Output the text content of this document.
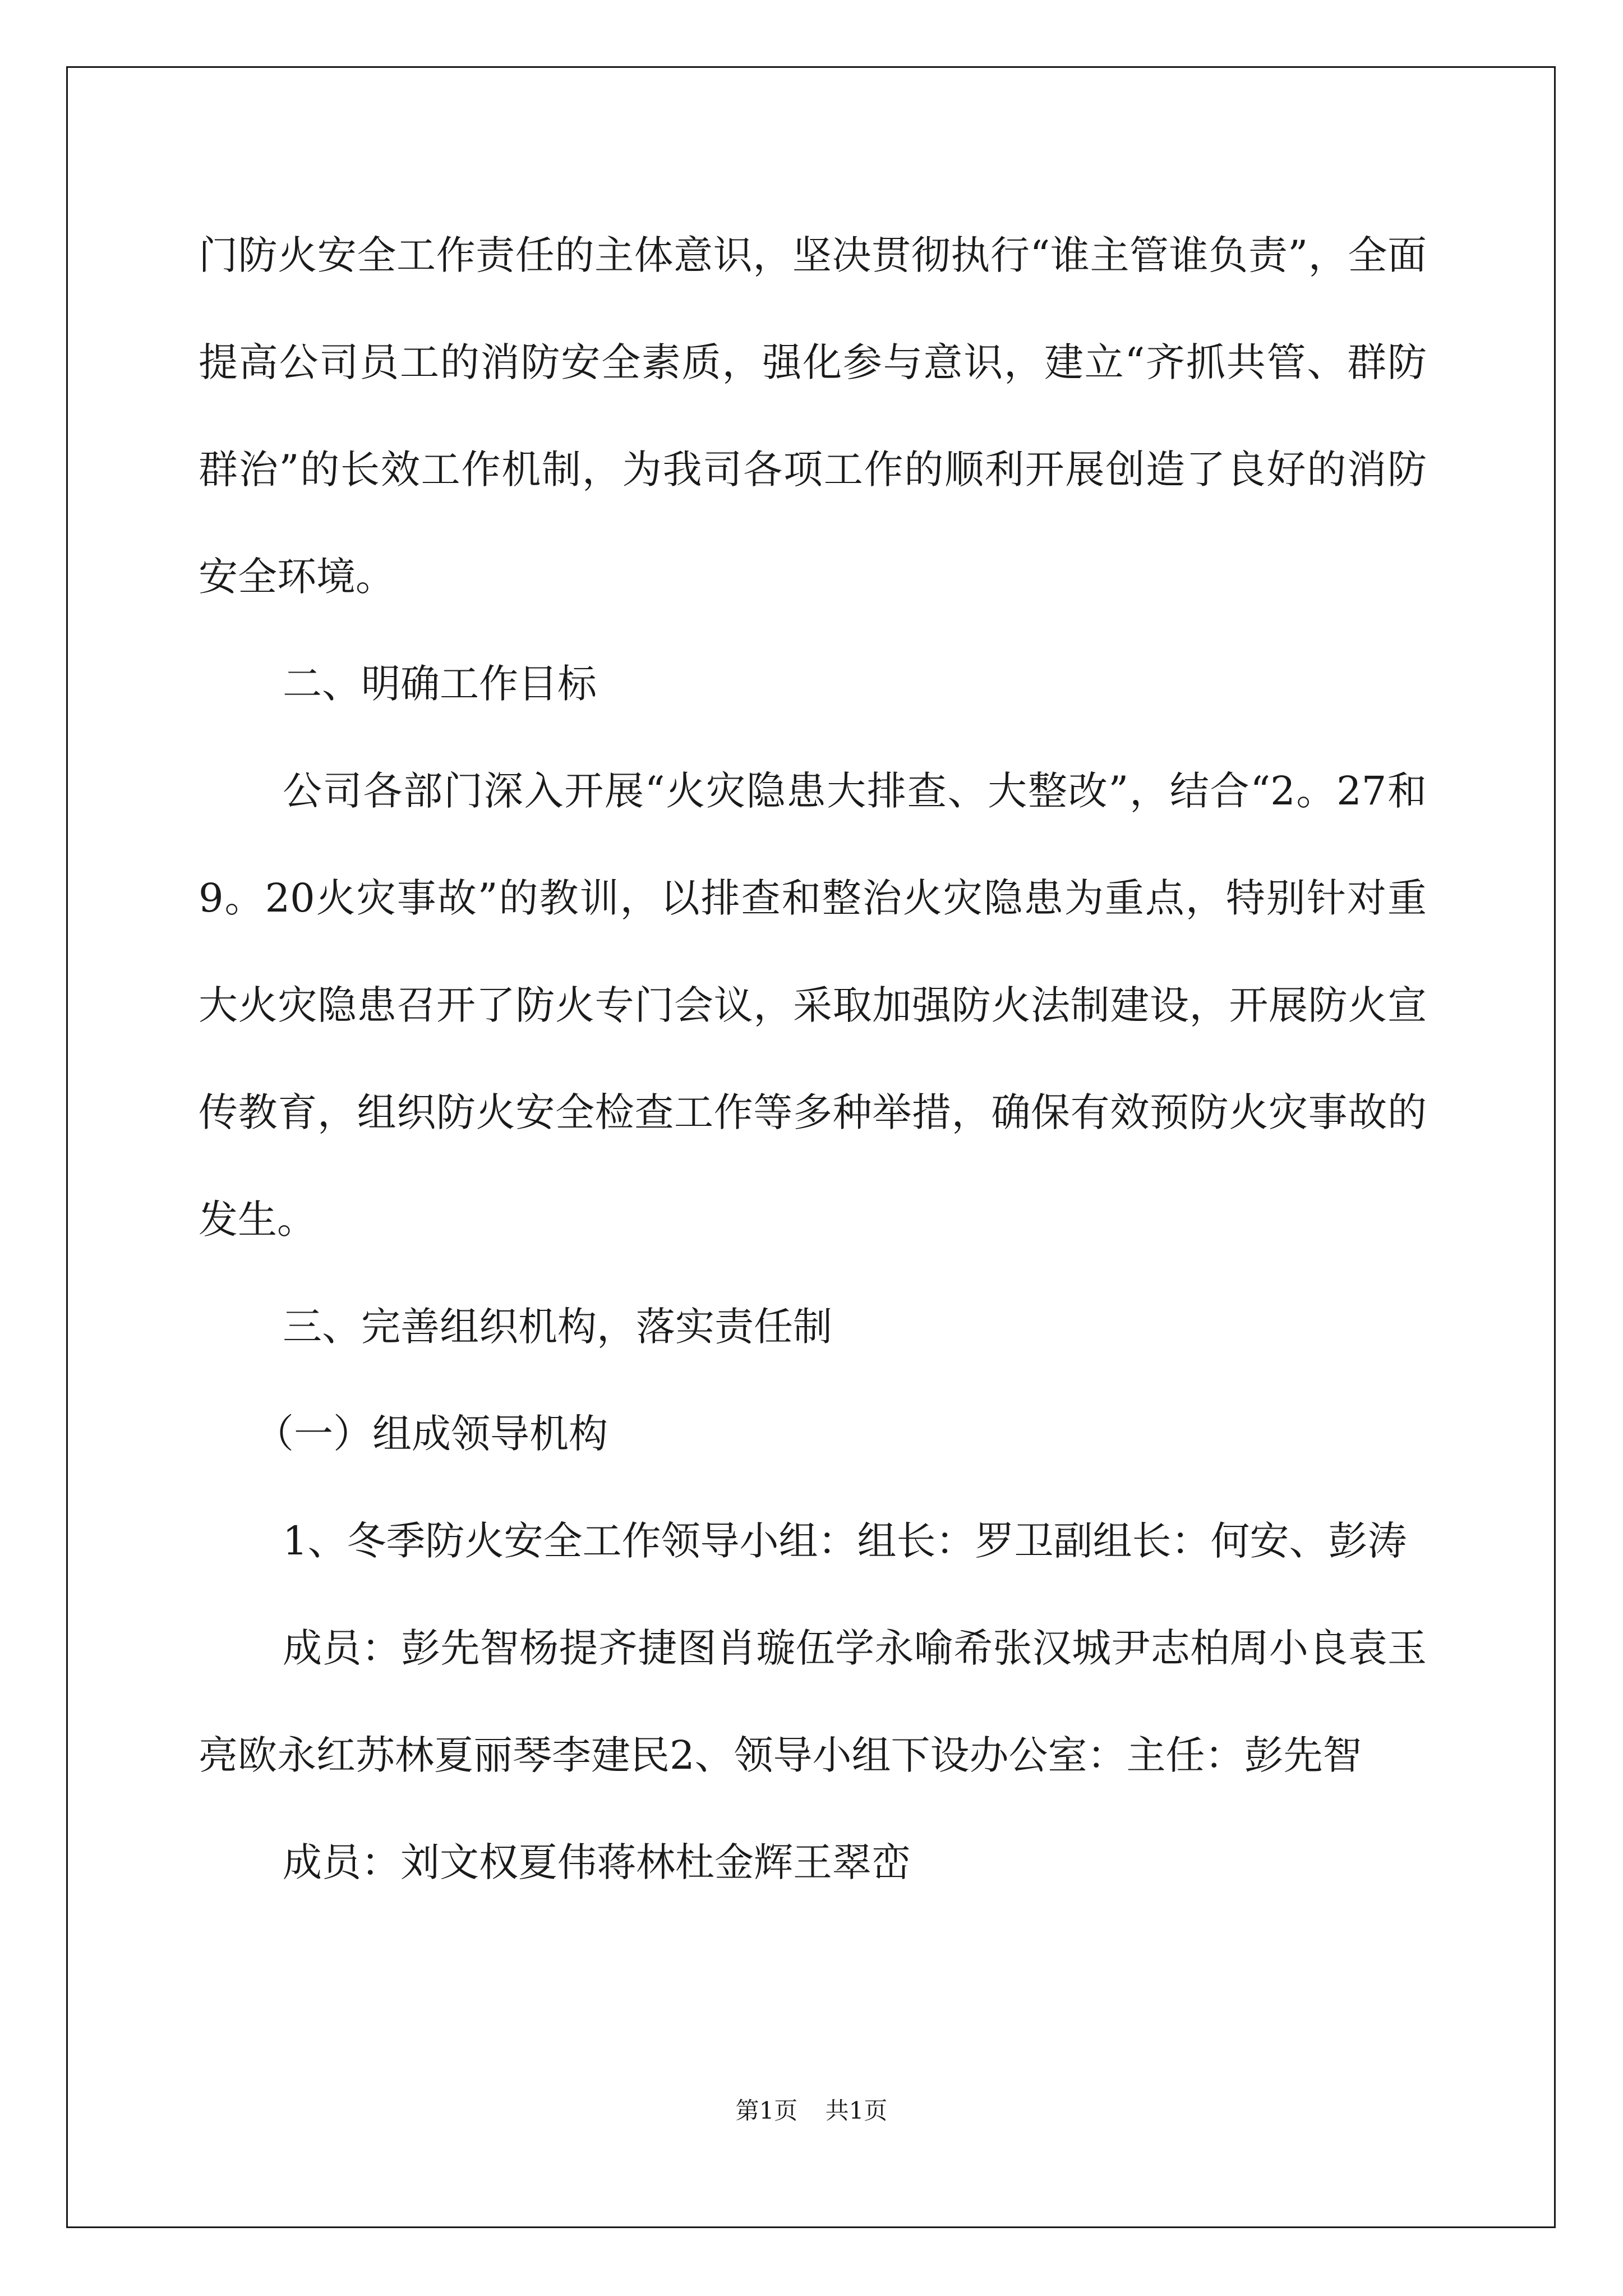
门防火安全工作责任的主体意识，坚决贯彻执行“谁主管谁负责”，全面提高公司员工的消防安全素质，强化参与意识，建立“齐抓共管、群防群治”的长效工作机制，为我司各项工作的顺利开展创造了良好的消防安全环境。

二、明确工作目标

公司各部门深入开展“火灾隐患大排查、大整改”，结合“2。27和9。20火灾事故”的教训，以排查和整治火灾隐患为重点，特别针对重大火灾隐患召开了防火专门会议，采取加强防火法制建设，开展防火宣传教育，组织防火安全检查工作等多种举措，确保有效预防火灾事故的发生。

三、完善组织机构，落实责任制

（一）组成领导机构

1、冬季防火安全工作领导小组：组长：罗卫副组长：何安、彭涛

成员：彭先智杨提齐捷图肖璇伍学永喻希张汉城尹志柏周小良袁玉亮欧永红苏林夏丽琴李建民2、领导小组下设办公室：主任：彭先智

成员：刘文权夏伟蒋林杜金辉王翠峦

第1页 共1页
